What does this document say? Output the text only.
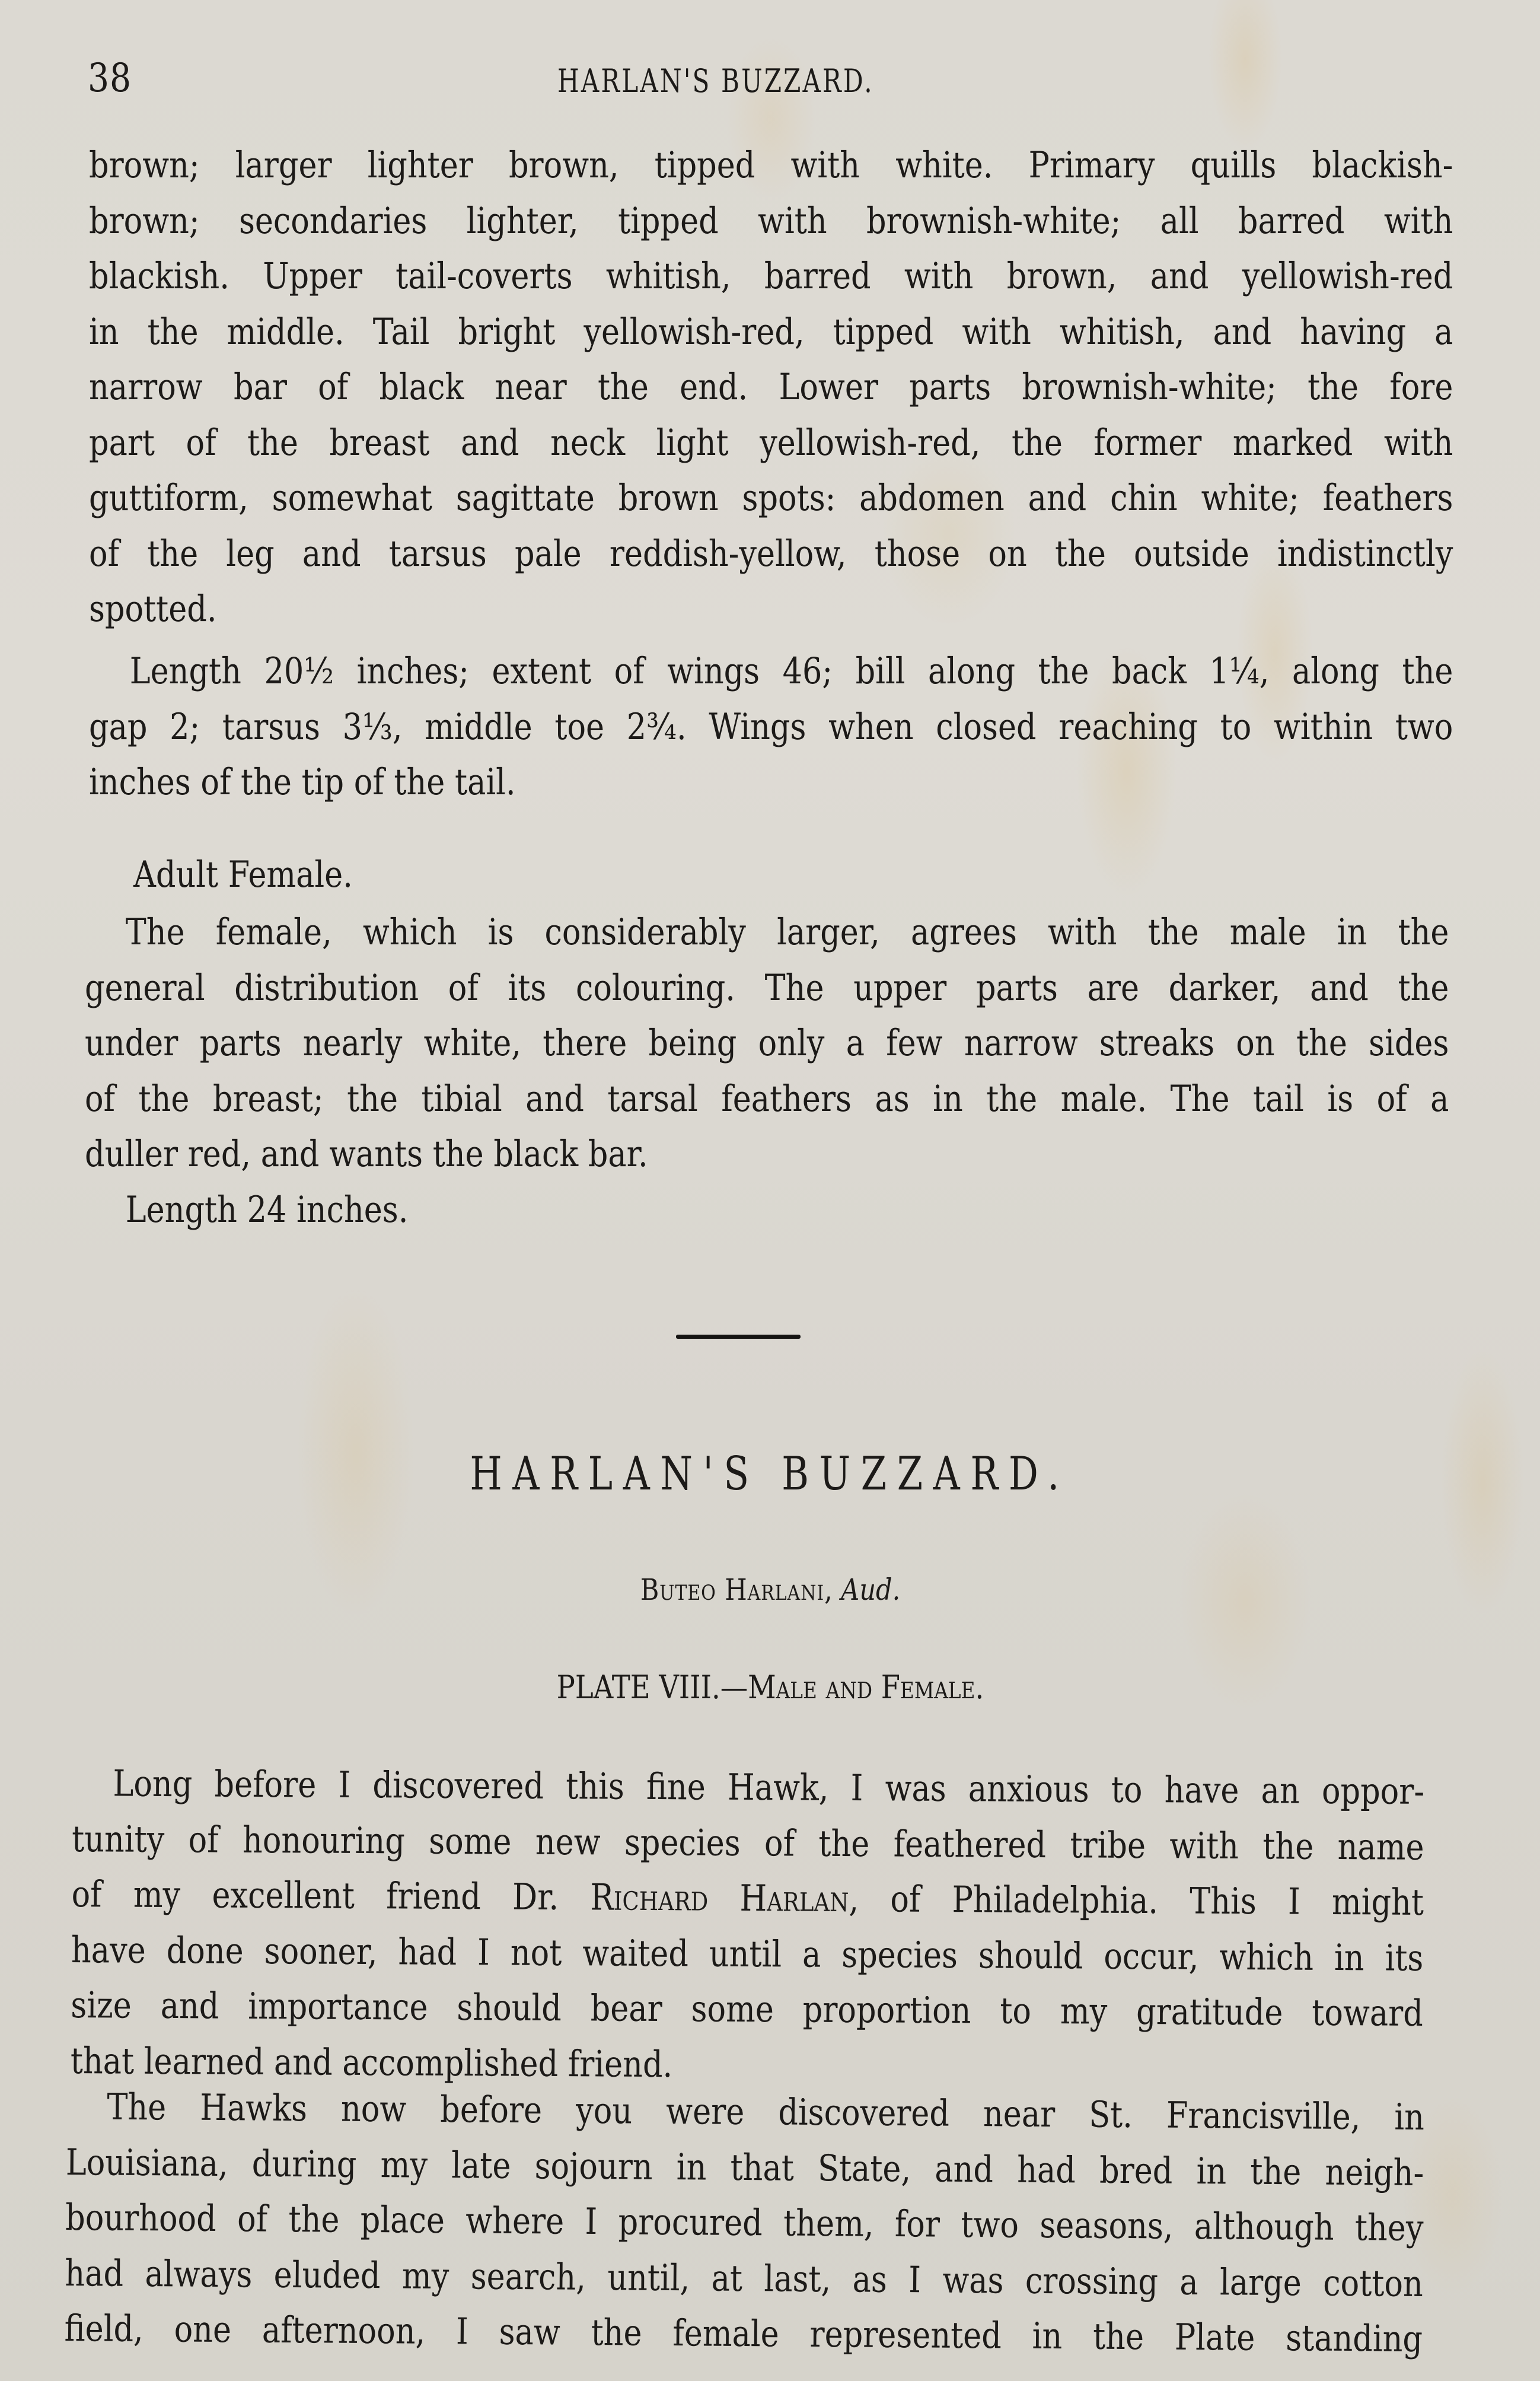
38	HARLAN'S BUZZARD.
brown; larger lighter brown, tipped with white. Primary quills blackish-
brown; secondaries lighter, tipped with brownish-white; all barred with
blackish. Upper tail-coverts whitish, barred with brown, and yellowish-red
in the middle. Tail bright yellowish-red, tipped with whitish, and having a
narrow bar of black near the end. Lower parts brownish-white; the fore
part of the breast and neck light yellowish-red, the former marked with
guttiform, somewhat sagittate brown spots: abdomen and chin white; feathers
of the leg and tarsus pale reddish-yellow, those on the outside indistinctly
spotted.
Length 20½ inches; extent of wings 46; bill along the back 1¼, along the
gap 2; tarsus 3⅓, middle toe 2¾. Wings when closed reaching to within two
inches of the tip of the tail.
Adult Female.
The female, which is considerably larger, agrees with the male in the
general distribution of its colouring. The upper parts are darker, and the
under parts nearly white, there being only a few narrow streaks on the sides
of the breast; the tibial and tarsal feathers as in the male. The tail is of a
duller red, and wants the black bar.
Length 24 inches.
HARLAN'S BUZZARD.
Buteo Harlani, Aud.
PLATE VIII.—Male and Female.
Long before I discovered this fine Hawk, I was anxious to have an oppor-
tunity of honouring some new species of the feathered tribe with the name
of my excellent friend Dr. Richard Harlan, of Philadelphia. This I might
have done sooner, had I not waited until a species should occur, which in its
size and importance should bear some proportion to my gratitude toward
that learned and accomplished friend.
The Hawks now before you were discovered near St. Francisville, in
Louisiana, during my late sojourn in that State, and had bred in the neigh-
bourhood of the place where I procured them, for two seasons, although they
had always eluded my search, until, at last, as I was crossing a large cotton
field, one afternoon, I saw the female represented in the Plate standing
